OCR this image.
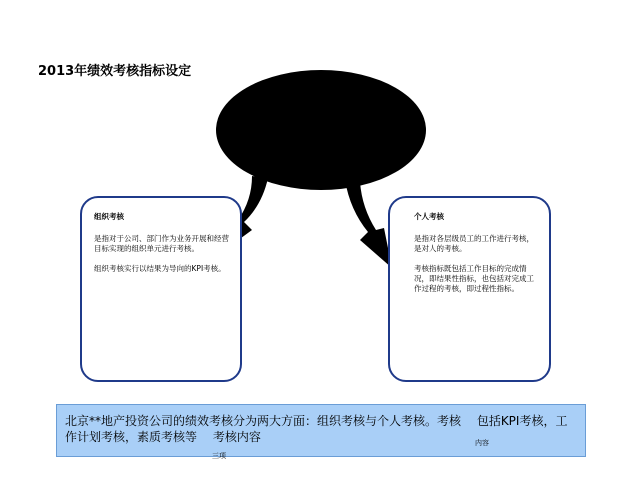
2013年绩效考核指标设定
组织考核

是指对于公司、部门作为业务开展和经营目标实现的组织单元进行考核。

组织考核实行以结果为导向的KPI考核。

个人考核

是指对各层级员工的工作进行考核，是对人的考核。

考核指标既包括工作目标的完成情况，即结果性指标，也包括对完成工作过程的考核，即过程性指标。

北京**地产投资公司的绩效考核分为两大方面：组织考核与个人考核。考核　 包括KPI考核，工作计划考核，素质考核等　 考核内容	内容
三项
